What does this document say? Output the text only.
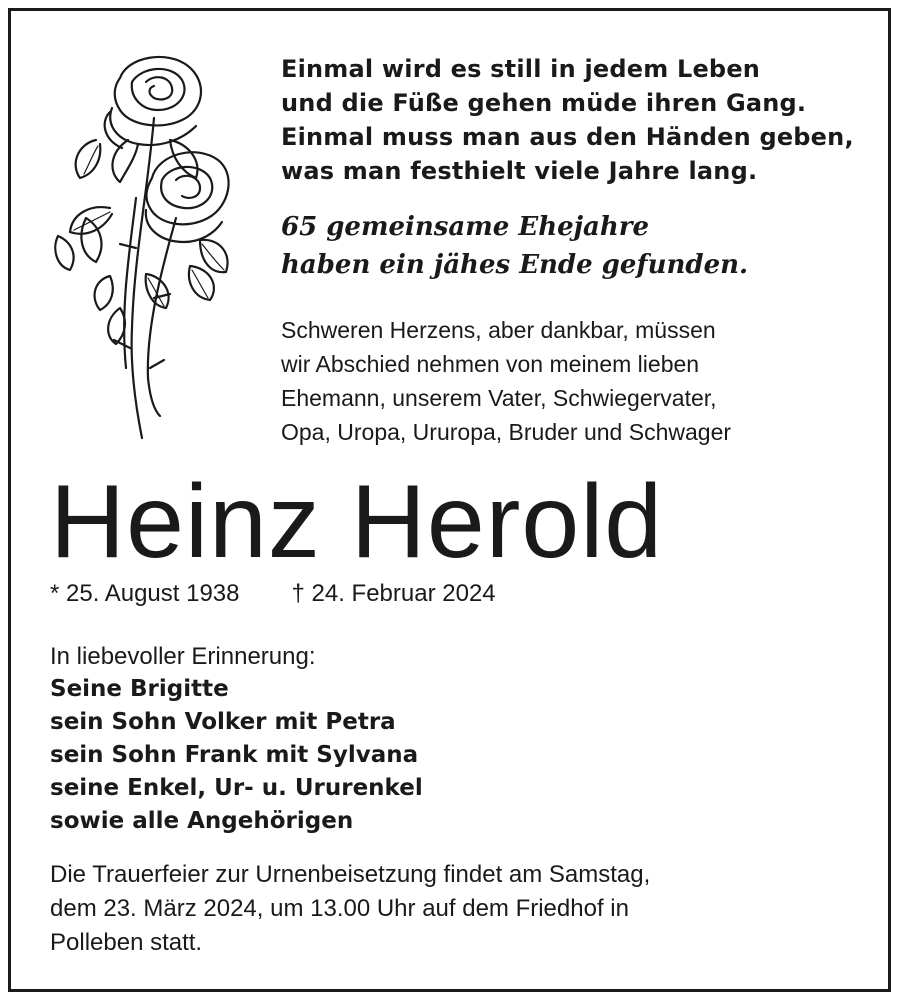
Einmal wird es still in jedem Leben
und die Füße gehen müde ihren Gang.
Einmal muss man aus den Händen geben,
was man festhielt viele Jahre lang.
65 gemeinsame Ehejahre
haben ein jähes Ende gefunden.
Schweren Herzens, aber dankbar, müssen
wir Abschied nehmen von meinem lieben
Ehemann, unserem Vater, Schwiegervater,
Opa, Uropa, Ururopa, Bruder und Schwager
Heinz Herold
* 25. August 1938 † 24. Februar 2024
In liebevoller Erinnerung:
Seine Brigitte
sein Sohn Volker mit Petra
sein Sohn Frank mit Sylvana
seine Enkel, Ur- u. Ururenkel
sowie alle Angehörigen
Die Trauerfeier zur Urnenbeisetzung findet am Samstag,
dem 23. März 2024, um 13.00 Uhr auf dem Friedhof in
Polleben statt.
